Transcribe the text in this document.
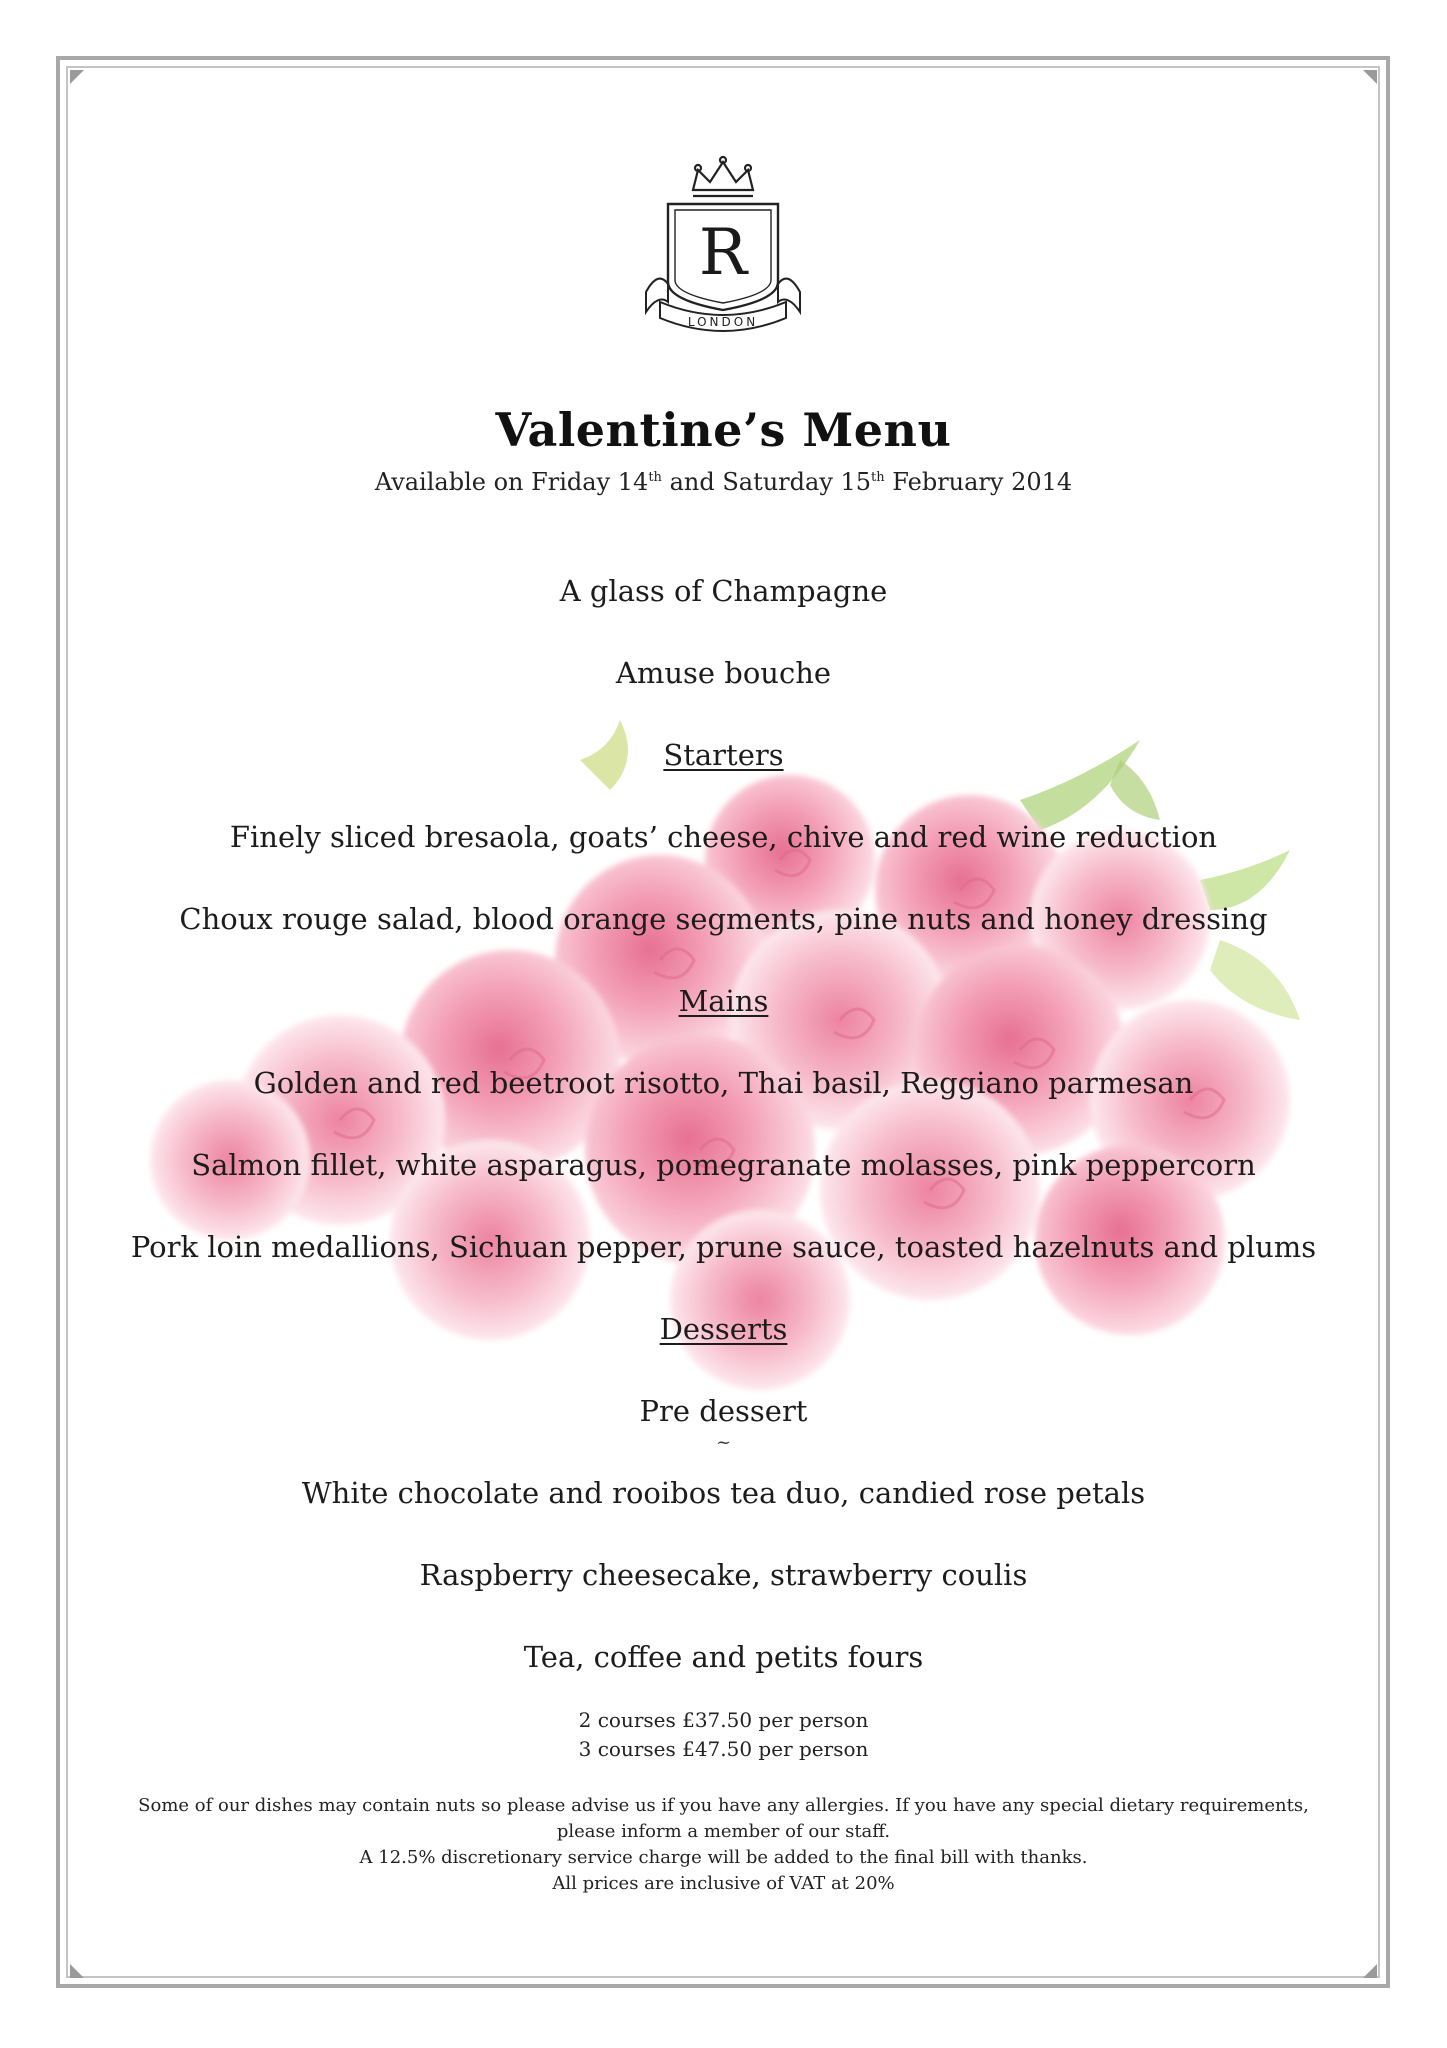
R
LONDON
Valentine’s Menu
Available on Friday 14th and Saturday 15th February 2014
A glass of Champagne
Amuse bouche
Starters
Finely sliced bresaola, goats’ cheese, chive and red wine reduction
Choux rouge salad, blood orange segments, pine nuts and honey dressing
Mains
Golden and red beetroot risotto, Thai basil, Reggiano parmesan
Salmon fillet, white asparagus, pomegranate molasses, pink peppercorn
Pork loin medallions, Sichuan pepper, prune sauce, toasted hazelnuts and plums
Desserts
Pre dessert
~
White chocolate and rooibos tea duo, candied rose petals
Raspberry cheesecake, strawberry coulis
Tea, coffee and petits fours
2 courses £37.50 per person
3 courses £47.50 per person
Some of our dishes may contain nuts so please advise us if you have any allergies. If you have any special dietary requirements,
please inform a member of our staff.
A 12.5% discretionary service charge will be added to the final bill with thanks.
All prices are inclusive of VAT at 20%
